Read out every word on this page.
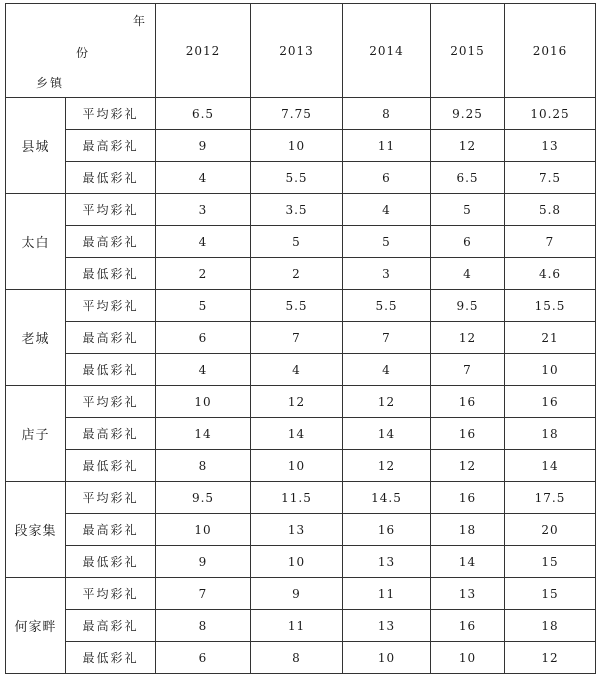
年
份
乡镇		2012	2013	2014	2015	2016
县城	平均彩礼	6.5	7.75	8	9.25	10.25
	最高彩礼	9	10	11	12	13
	最低彩礼	4	5.5	6	6.5	7.5
太白	平均彩礼	3	3.5	4	5	5.8
	最高彩礼	4	5	5	6	7
	最低彩礼	2	2	3	4	4.6
老城	平均彩礼	5	5.5	5.5	9.5	15.5
	最高彩礼	6	7	7	12	21
	最低彩礼	4	4	4	7	10
店子	平均彩礼	10	12	12	16	16
	最高彩礼	14	14	14	16	18
	最低彩礼	8	10	12	12	14
段家集	平均彩礼	9.5	11.5	14.5	16	17.5
	最高彩礼	10	13	16	18	20
	最低彩礼	9	10	13	14	15
何家畔	平均彩礼	7	9	11	13	15
	最高彩礼	8	11	13	16	18
	最低彩礼	6	8	10	10	12
